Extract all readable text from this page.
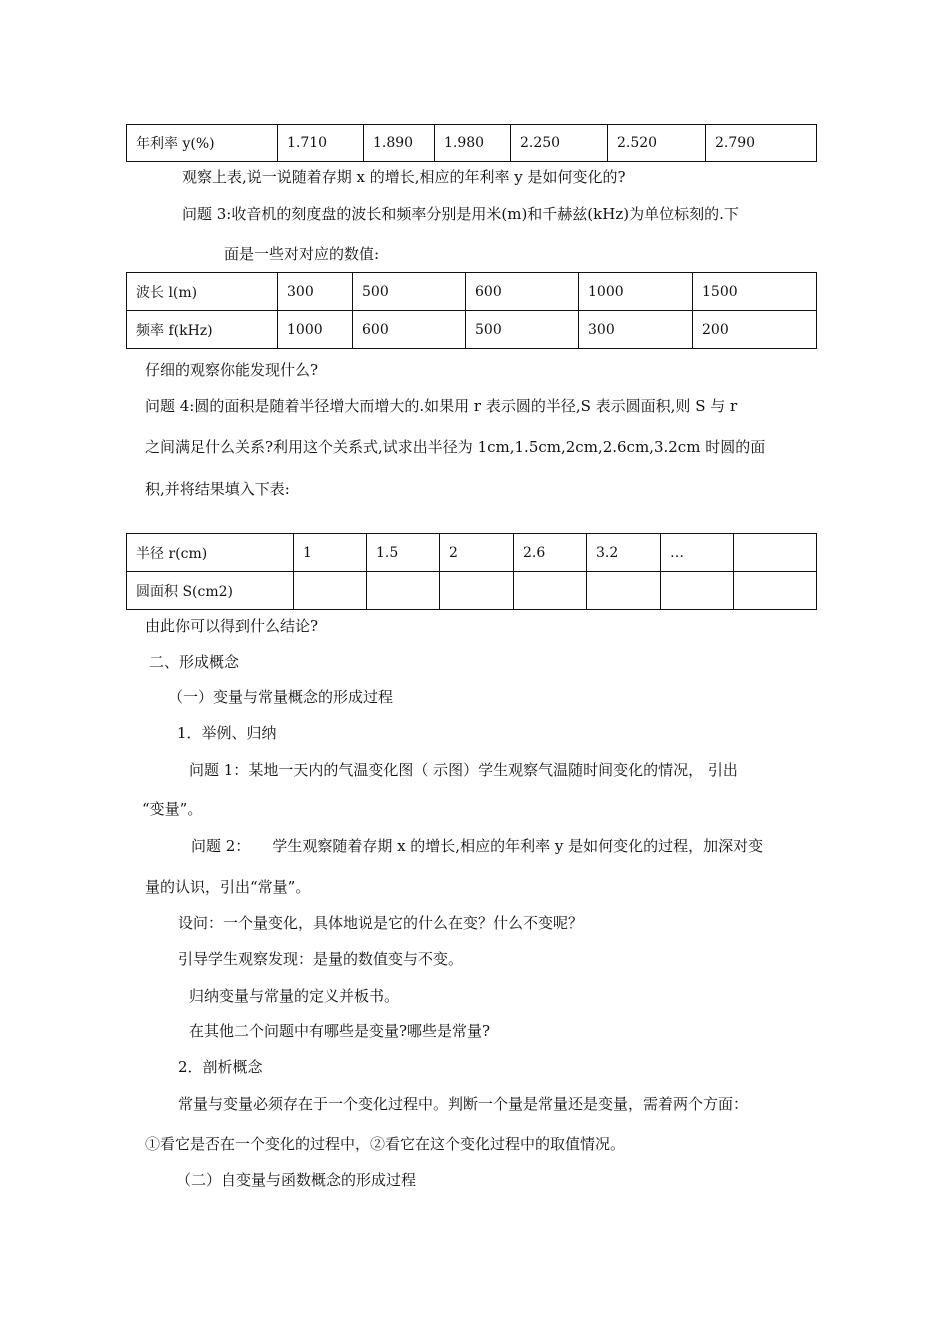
年利率 y(%)	1.710	1.890	1.980	2.250	2.520	2.790
观察上表,说一说随着存期 x 的增长,相应的年利率 y 是如何变化的?
问题 3:收音机的刻度盘的波长和频率分别是用米(m)和千赫兹(kHz)为单位标刻的.下
面是一些对对应的数值:
波长 l(m)	300	500	600	1000	1500
频率 f(kHz)	1000	600	500	300	200
仔细的观察你能发现什么?
问题 4:圆的面积是随着半径增大而增大的.如果用 r 表示圆的半径,S 表示圆面积,则 S 与 r
之间满足什么关系?利用这个关系式,试求出半径为 1cm,1.5cm,2cm,2.6cm,3.2cm 时圆的面
积,并将结果填入下表:
半径 r(cm)	1	1.5	2	2.6	3.2	…	
圆面积 S(cm2)							
由此你可以得到什么结论?
二、形成概念
（一）变量与常量概念的形成过程
1．举例、归纳
问题 1：某地一天内的气温变化图（ 示图）学生观察气温随时间变化的情况， 引出
“变量”。
问题 2： 学生观察随着存期 x 的增长,相应的年利率 y 是如何变化的过程，加深对变
量的认识，引出“常量”。
设问：一个量变化，具体地说是它的什么在变？什么不变呢？
引导学生观察发现：是量的数值变与不变。
归纳变量与常量的定义并板书。
在其他二个问题中有哪些是变量?哪些是常量?
2．剖析概念
常量与变量必须存在于一个变化过程中。判断一个量是常量还是变量，需着两个方面：
①看它是否在一个变化的过程中，②看它在这个变化过程中的取值情况。
（二）自变量与函数概念的形成过程
